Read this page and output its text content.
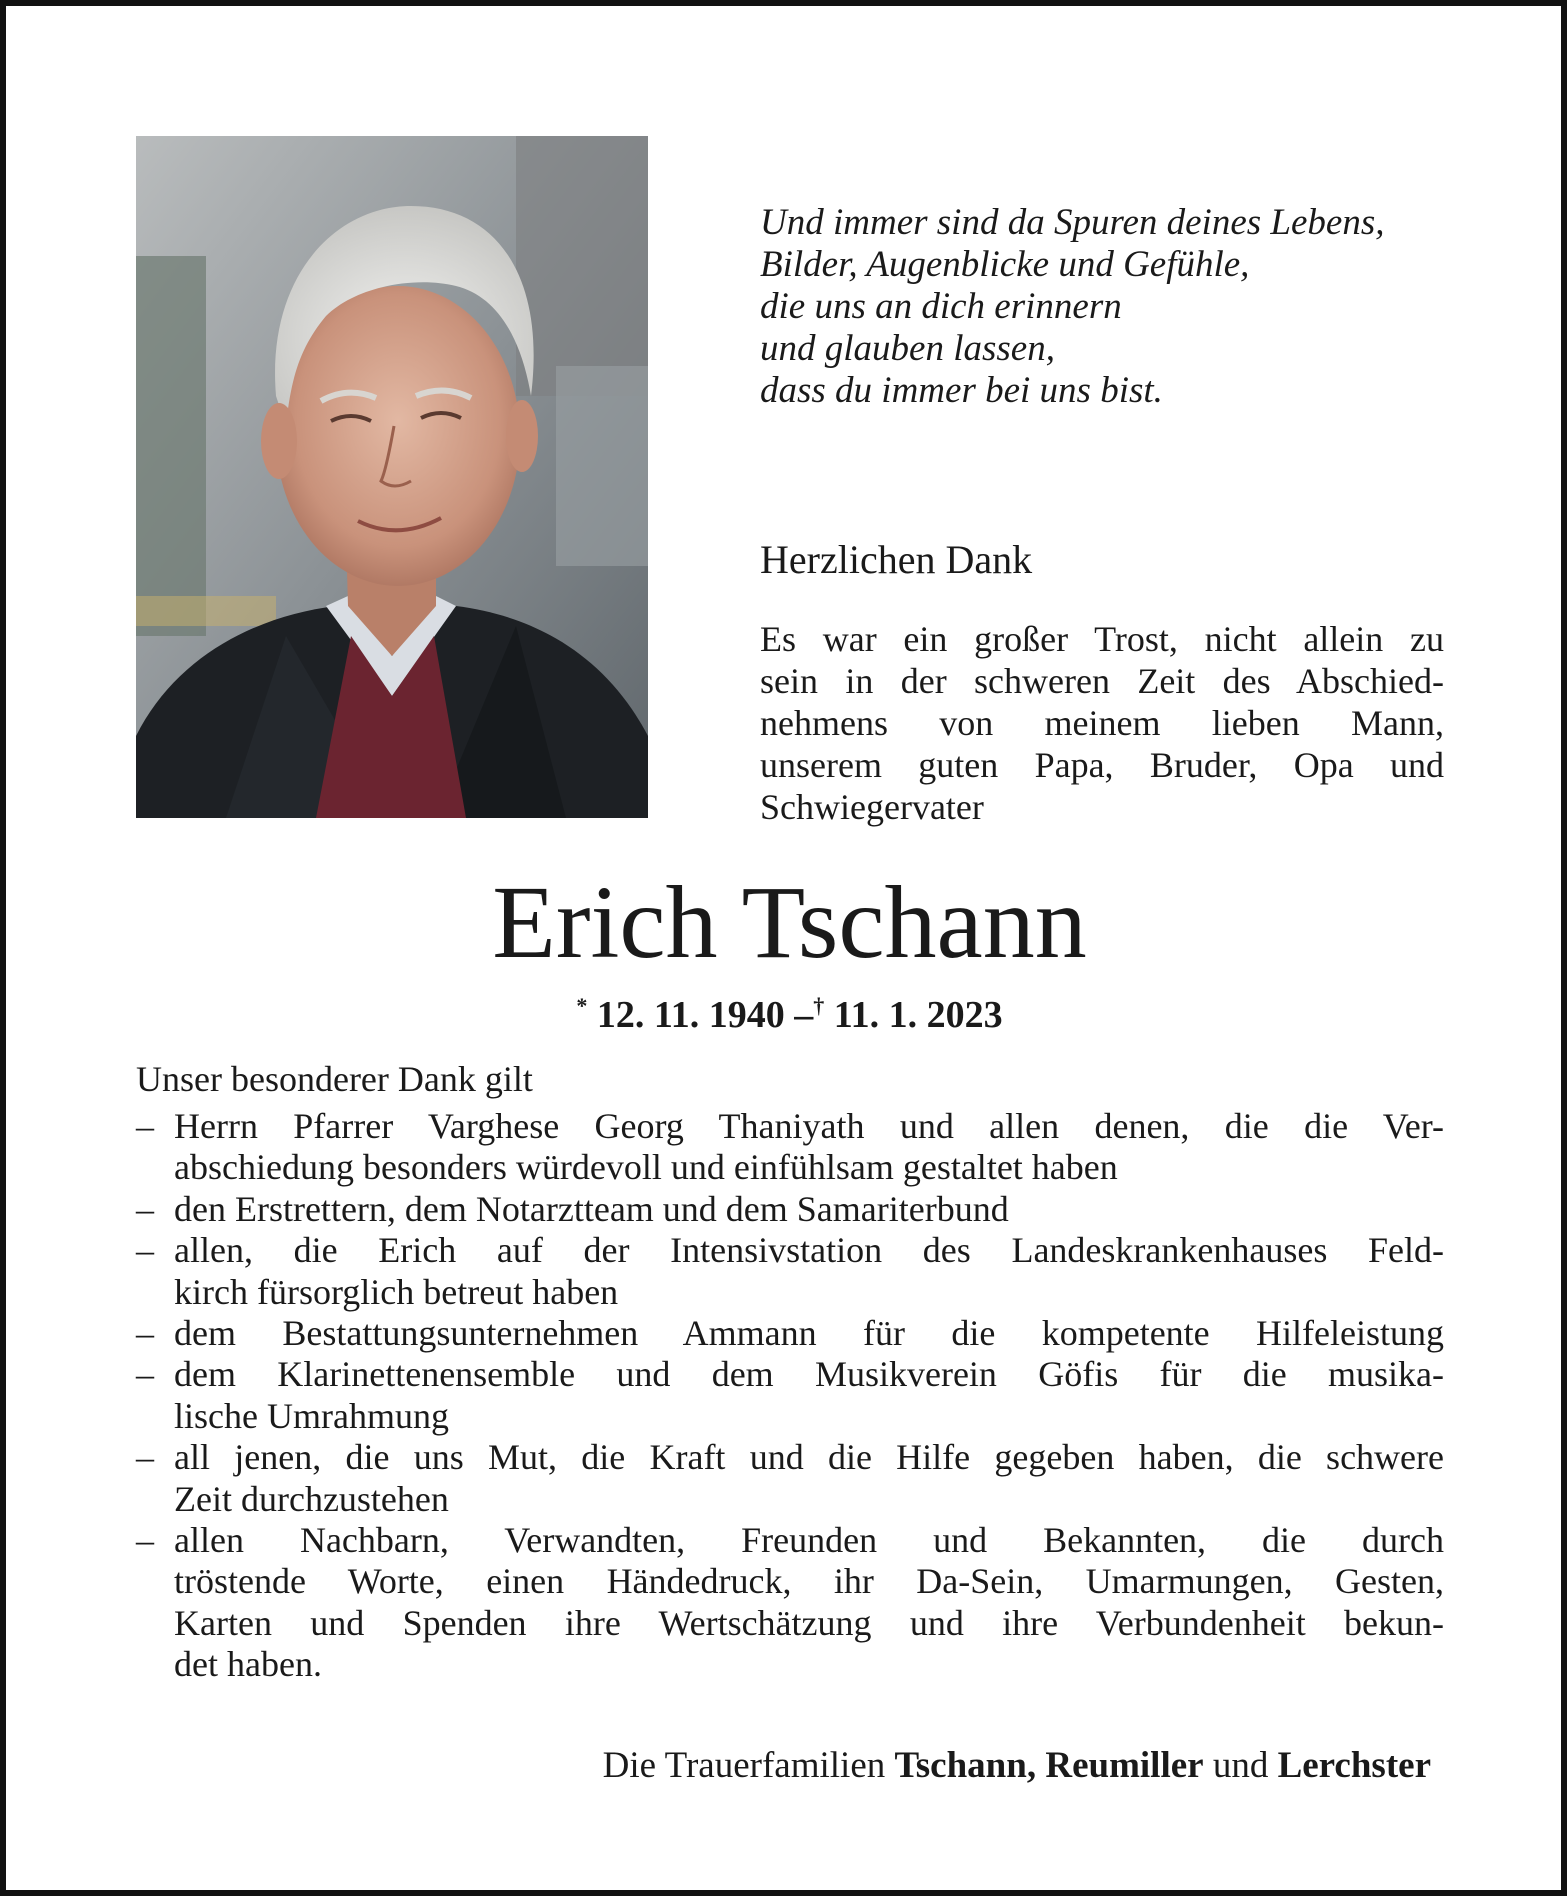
Und immer sind da Spuren deines Lebens,
Bilder, Augenblicke und Gefühle,
die uns an dich erinnern
und glauben lassen,
dass du immer bei uns bist.
Herzlichen Dank
Es war ein großer Trost, nicht allein zu
sein in der schweren Zeit des Abschied-
nehmens von meinem lieben Mann,
unserem guten Papa, Bruder, Opa und
Schwiegervater
Erich Tschann
* 12. 11. 1940 –† 11. 1. 2023
Unser besonderer Dank gilt
– Herrn Pfarrer Varghese Georg Thaniyath und allen denen, die die Ver-
abschiedung besonders würdevoll und einfühlsam gestaltet haben
– den Erstrettern, dem Notarztteam und dem Samariterbund
– allen, die Erich auf der Intensivstation des Landeskrankenhauses Feld-
kirch fürsorglich betreut haben
– dem Bestattungsunternehmen Ammann für die kompetente Hilfeleistung
– dem Klarinettenensemble und dem Musikverein Göfis für die musika-
lische Umrahmung
– all jenen, die uns Mut, die Kraft und die Hilfe gegeben haben, die schwere
Zeit durchzustehen
– allen Nachbarn, Verwandten, Freunden und Bekannten, die durch
tröstende Worte, einen Händedruck, ihr Da-Sein, Umarmungen, Gesten,
Karten und Spenden ihre Wertschätzung und ihre Verbundenheit bekun-
det haben.
Die Trauerfamilien Tschann, Reumiller und Lerchster
